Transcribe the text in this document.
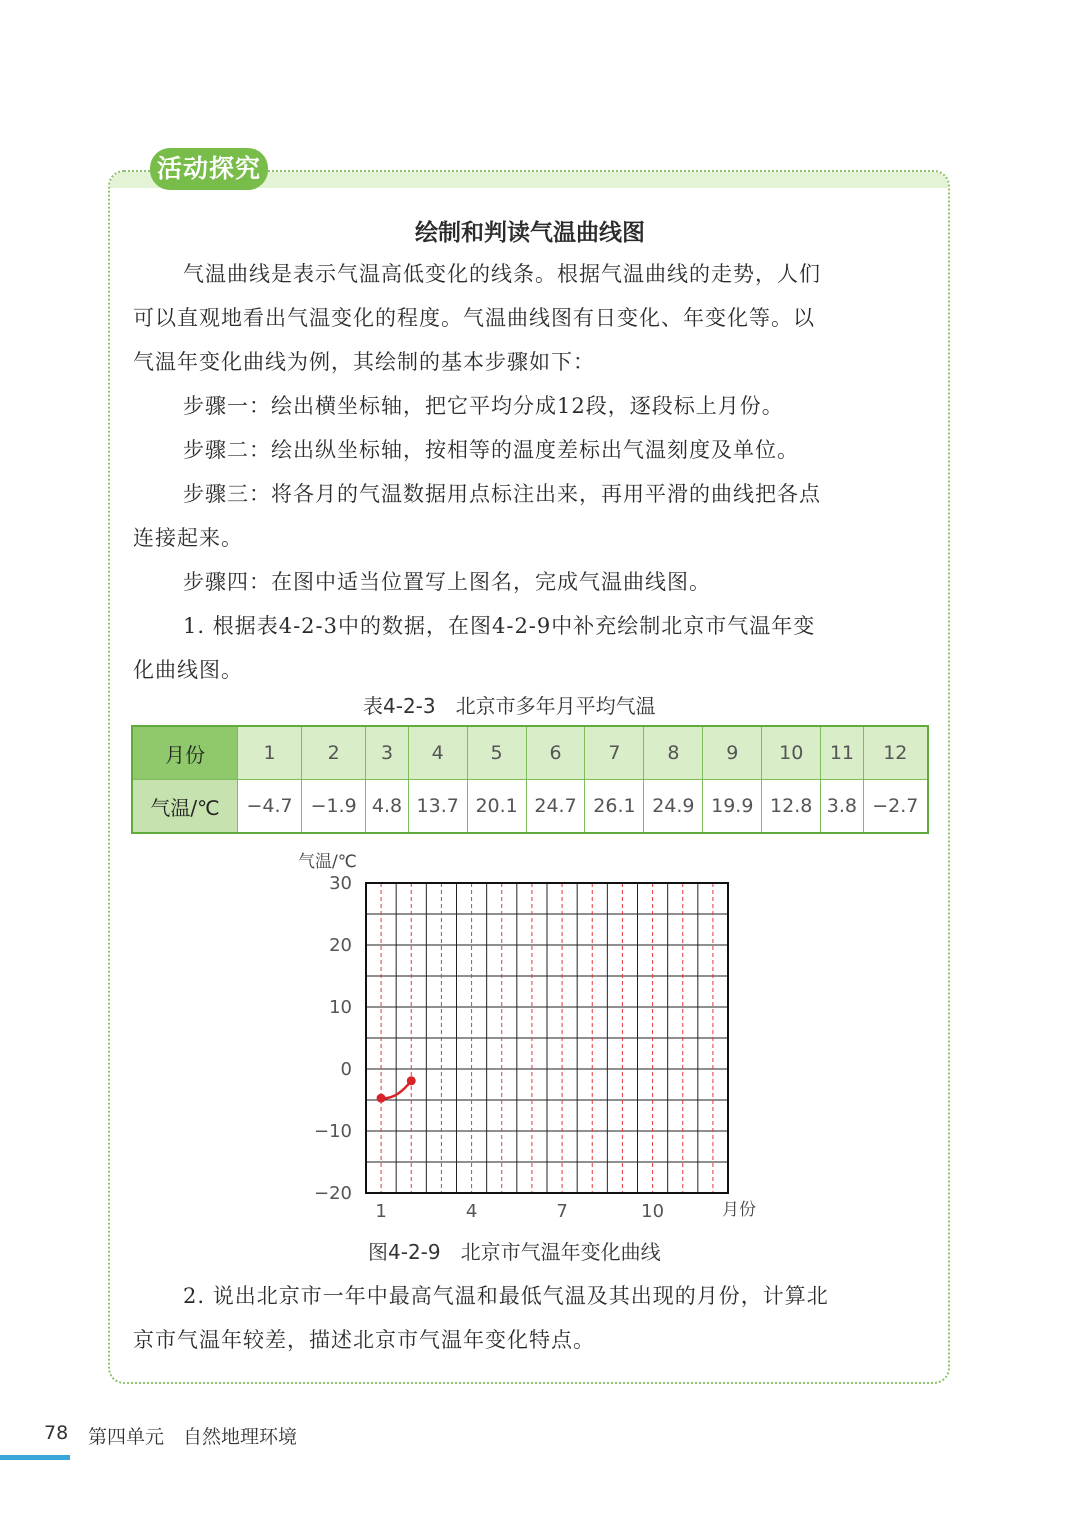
活动探究
绘制和判读气温曲线图
气温曲线是表示气温高低变化的线条。根据气温曲线的走势，人们
可以直观地看出气温变化的程度。气温曲线图有日变化、年变化等。以
气温年变化曲线为例，其绘制的基本步骤如下：
步骤一：绘出横坐标轴，把它平均分成12段，逐段标上月份。
步骤二：绘出纵坐标轴，按相等的温度差标出气温刻度及单位。
步骤三：将各月的气温数据用点标注出来，再用平滑的曲线把各点
连接起来。
步骤四：在图中适当位置写上图名，完成气温曲线图。
1. 根据表4-2-3中的数据，在图4-2-9中补充绘制北京市气温年变
化曲线图。
表4-2-3　北京市多年月平均气温
月份	1	2	3	4	5	6	7	8	9	10	11	12
气温/℃	−4.7	−1.9	4.8	13.7	20.1	24.7	26.1	24.9	19.9	12.8	3.8	−2.7
30
20
10
0
−10
−20
1	4	7	10
气温/℃
月份
图4-2-9　北京市气温年变化曲线
2. 说出北京市一年中最高气温和最低气温及其出现的月份，计算北
京市气温年较差，描述北京市气温年变化特点。
78 第四单元　自然地理环境
